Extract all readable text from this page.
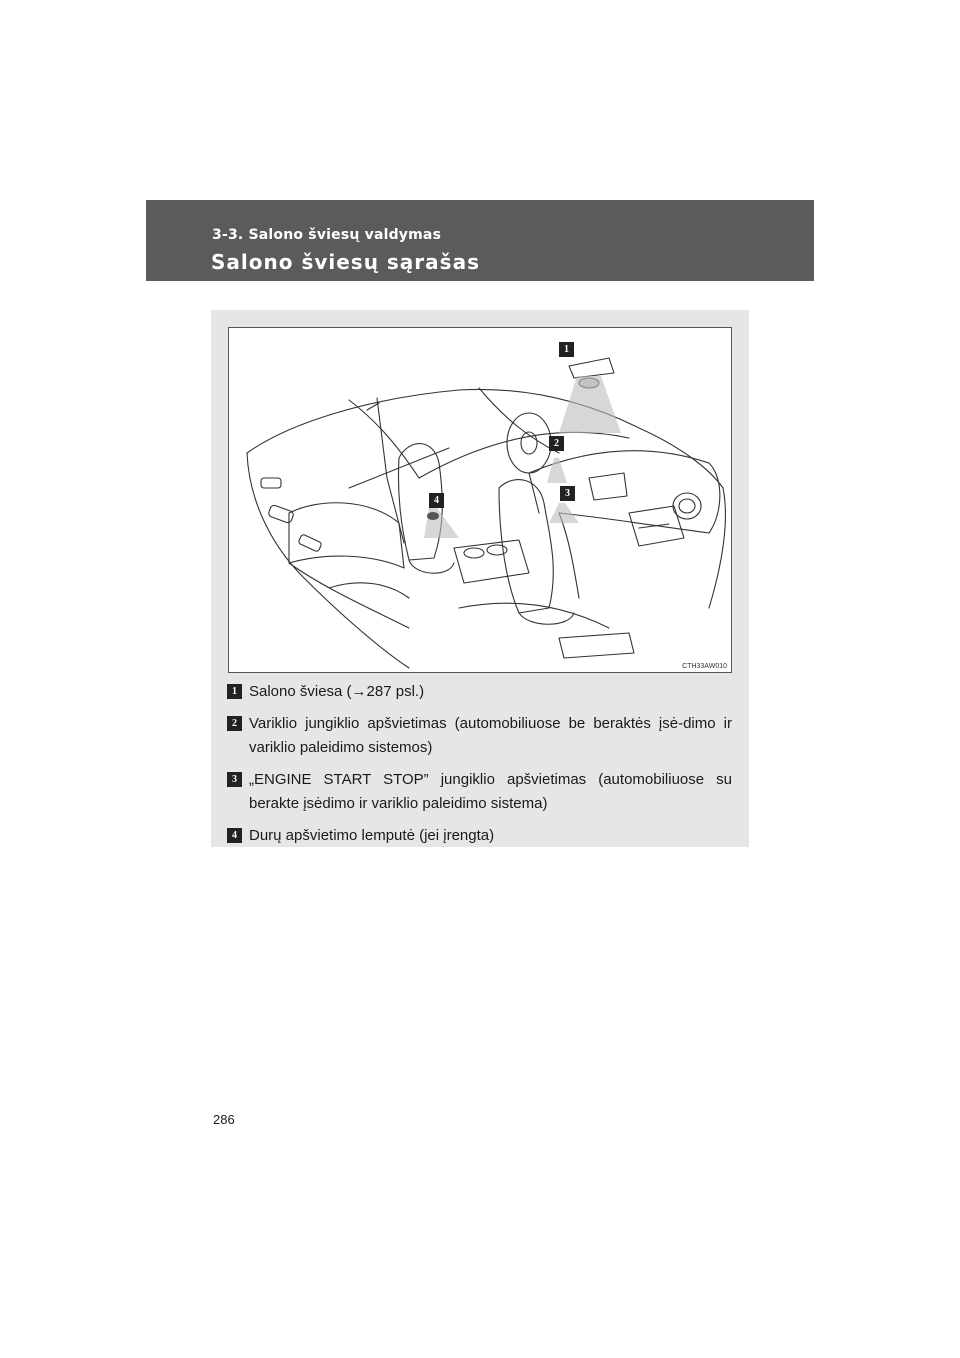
3-3. Salono šviesų valdymas
Salono šviesų sąrašas
1
2
3
4
CTH33AW010
1 Salono šviesa (→287 psl.)
2 Variklio jungiklio apšvietimas (automobiliuose be beraktės įsė-dimo ir variklio paleidimo sistemos)
3 „ENGINE START STOP” jungiklio apšvietimas (automobiliuose su berakte įsėdimo ir variklio paleidimo sistema)
4 Durų apšvietimo lemputė (jei įrengta)
286
